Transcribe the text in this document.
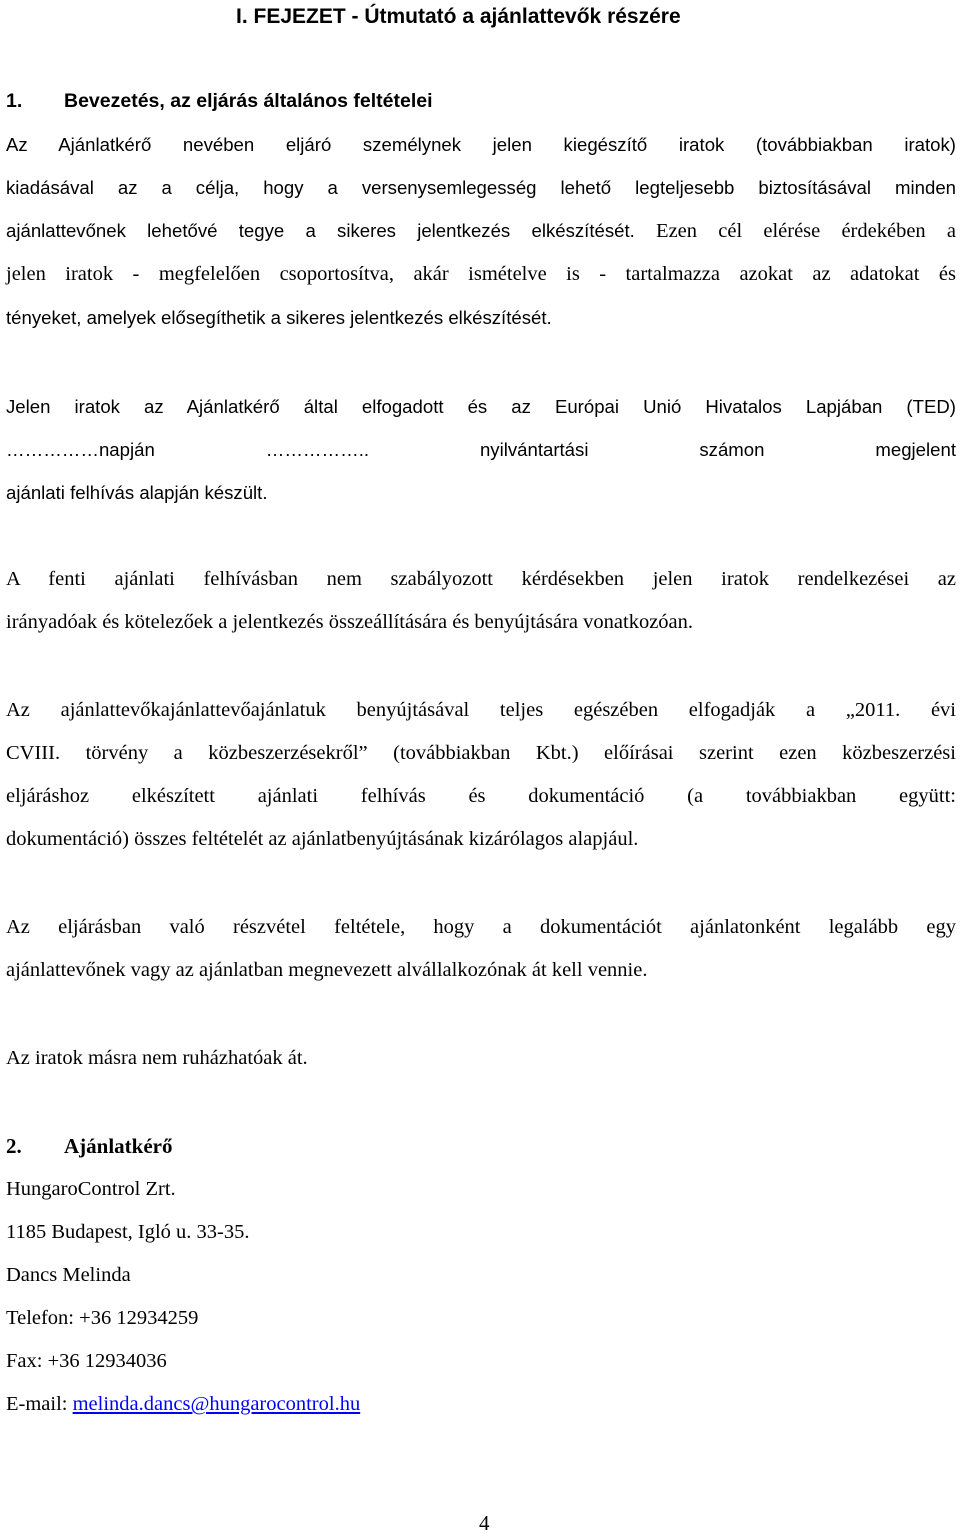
I. FEJEZET - Útmutató a ajánlattevők részére
1. Bevezetés, az eljárás általános feltételei
Az Ajánlatkérő nevében eljáró személynek jelen kiegészítő iratok (továbbiakban iratok)
kiadásával az a célja, hogy a versenysemlegesség lehető legteljesebb biztosításával minden
ajánlattevőnek lehetővé tegye a sikeres jelentkezés elkészítését. Ezen cél elérése érdekében a
jelen iratok - megfelelően csoportosítva, akár ismételve is - tartalmazza azokat az adatokat és
tényeket, amelyek elősegíthetik a sikeres jelentkezés elkészítését.
Jelen iratok az Ajánlatkérő által elfogadott és az Európai Unió Hivatalos Lapjában (TED)
……………napján	……………..	nyilvántartási	számon	megjelent
ajánlati felhívás alapján készült.
A fenti ajánlati felhívásban nem szabályozott kérdésekben jelen iratok rendelkezései az
irányadóak és kötelezőek a jelentkezés összeállítására és benyújtására vonatkozóan.
Az ajánlattevőkajánlattevőajánlatuk benyújtásával teljes egészében elfogadják a „2011. évi
CVIII. törvény a közbeszerzésekről” (továbbiakban Kbt.) előírásai szerint ezen közbeszerzési
eljáráshoz elkészített ajánlati felhívás és dokumentáció (a továbbiakban együtt:
dokumentáció) összes feltételét az ajánlatbenyújtásának kizárólagos alapjául.
Az eljárásban való részvétel feltétele, hogy a dokumentációt ajánlatonként legalább egy
ajánlattevőnek vagy az ajánlatban megnevezett alvállalkozónak át kell vennie.
Az iratok másra nem ruházhatóak át.
2. Ajánlatkérő
HungaroControl Zrt.
1185 Budapest, Igló u. 33-35.
Dancs Melinda
Telefon: +36 12934259
Fax: +36 12934036
E-mail: melinda.dancs@hungarocontrol.hu
4
